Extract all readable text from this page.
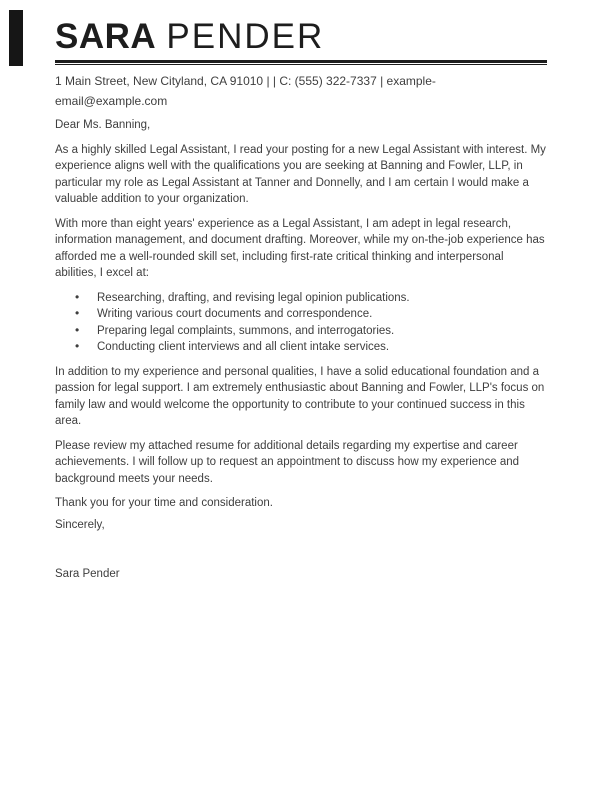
SARA PENDER

1 Main Street, New Cityland, CA 91010 | | C: (555) 322-7337 | example-email@example.com

Dear Ms. Banning,

As a highly skilled Legal Assistant, I read your posting for a new Legal Assistant with interest. My experience aligns well with the qualifications you are seeking at Banning and Fowler, LLP, in particular my role as Legal Assistant at Tanner and Donnelly, and I am certain I would make a valuable addition to your organization.

With more than eight years' experience as a Legal Assistant, I am adept in legal research, information management, and document drafting. Moreover, while my on-the-job experience has afforded me a well-rounded skill set, including first-rate critical thinking and interpersonal abilities, I excel at:

• Researching, drafting, and revising legal opinion publications.
• Writing various court documents and correspondence.
• Preparing legal complaints, summons, and interrogatories.
• Conducting client interviews and all client intake services.

In addition to my experience and personal qualities, I have a solid educational foundation and a passion for legal support. I am extremely enthusiastic about Banning and Fowler, LLP's focus on family law and would welcome the opportunity to contribute to your continued success in this area.

Please review my attached resume for additional details regarding my expertise and career achievements. I will follow up to request an appointment to discuss how my experience and background meets your needs.

Thank you for your time and consideration.

Sincerely,

Sara Pender
